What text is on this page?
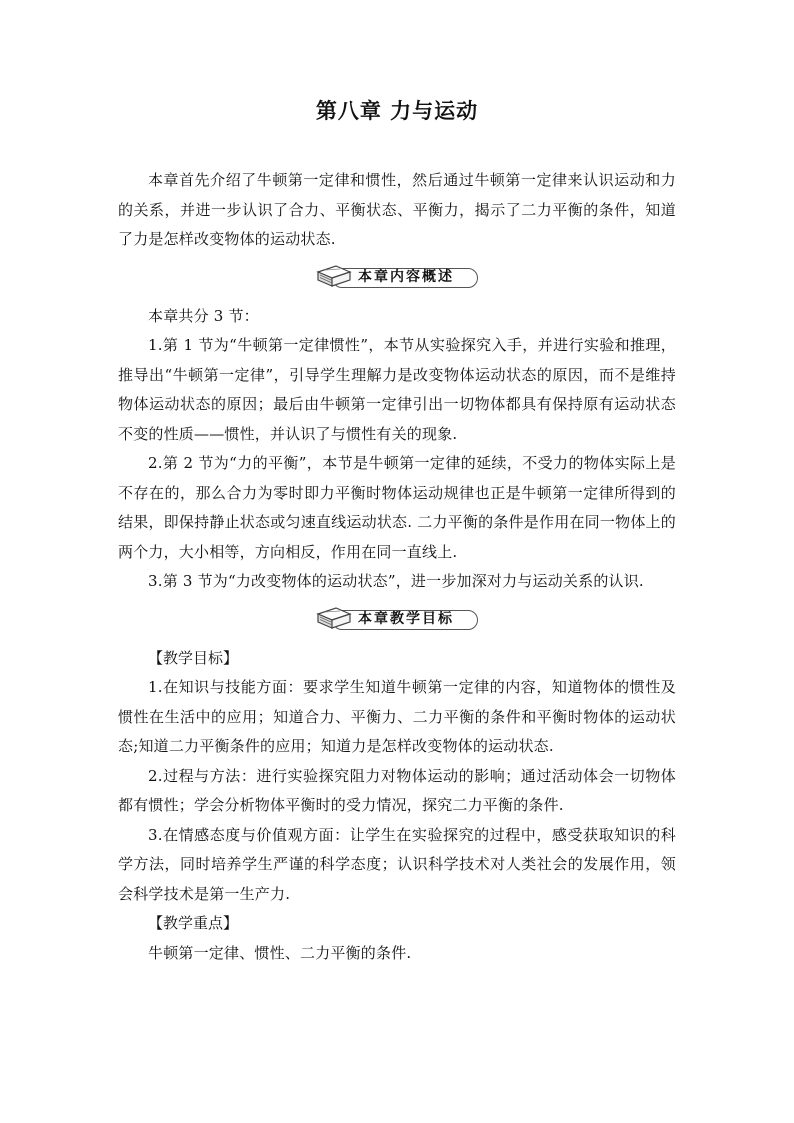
第八章 力与运动

本章首先介绍了牛顿第一定律和惯性，然后通过牛顿第一定律来认识运动和力的关系，并进一步认识了合力、平衡状态、平衡力，揭示了二力平衡的条件，知道了力是怎样改变物体的运动状态.

本章内容概述

本章共分 3 节：

1.第 1 节为“牛顿第一定律惯性”，本节从实验探究入手，并进行实验和推理，推导出“牛顿第一定律”，引导学生理解力是改变物体运动状态的原因，而不是维持物体运动状态的原因；最后由牛顿第一定律引出一切物体都具有保持原有运动状态不变的性质——惯性，并认识了与惯性有关的现象.

2.第 2 节为“力的平衡”，本节是牛顿第一定律的延续，不受力的物体实际上是不存在的，那么合力为零时即力平衡时物体运动规律也正是牛顿第一定律所得到的结果，即保持静止状态或匀速直线运动状态. 二力平衡的条件是作用在同一物体上的两个力，大小相等，方向相反，作用在同一直线上.

3.第 3 节为“力改变物体的运动状态”，进一步加深对力与运动关系的认识.

本章教学目标

【教学目标】

1.在知识与技能方面：要求学生知道牛顿第一定律的内容，知道物体的惯性及惯性在生活中的应用；知道合力、平衡力、二力平衡的条件和平衡时物体的运动状态;知道二力平衡条件的应用；知道力是怎样改变物体的运动状态.

2.过程与方法：进行实验探究阻力对物体运动的影响；通过活动体会一切物体都有惯性；学会分析物体平衡时的受力情况，探究二力平衡的条件.

3.在情感态度与价值观方面：让学生在实验探究的过程中，感受获取知识的科学方法，同时培养学生严谨的科学态度；认识科学技术对人类社会的发展作用，领会科学技术是第一生产力.

【教学重点】

牛顿第一定律、惯性、二力平衡的条件.
